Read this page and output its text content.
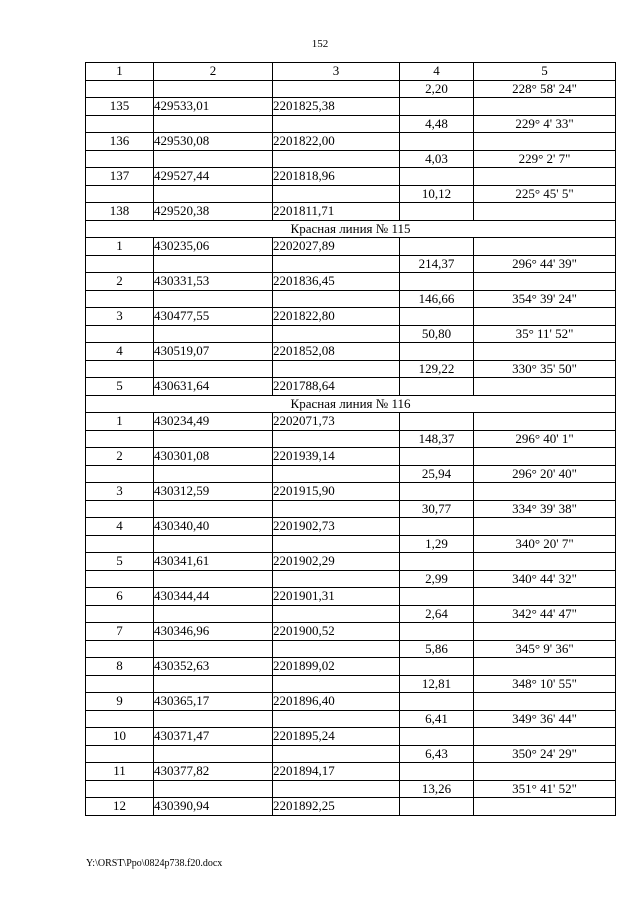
152
1	2	3	4	5
			2,20	228° 58' 24"
135	429533,01	2201825,38		
			4,48	229° 4' 33"
136	429530,08	2201822,00		
			4,03	229° 2' 7"
137	429527,44	2201818,96		
			10,12	225° 45' 5"
138	429520,38	2201811,71		
Красная линия № 115				
1	430235,06	2202027,89		
			214,37	296° 44' 39"
2	430331,53	2201836,45		
			146,66	354° 39' 24"
3	430477,55	2201822,80		
			50,80	35° 11' 52"
4	430519,07	2201852,08		
			129,22	330° 35' 50"
5	430631,64	2201788,64		
Красная линия № 116				
1	430234,49	2202071,73		
			148,37	296° 40' 1"
2	430301,08	2201939,14		
			25,94	296° 20' 40"
3	430312,59	2201915,90		
			30,77	334° 39' 38"
4	430340,40	2201902,73		
			1,29	340° 20' 7"
5	430341,61	2201902,29		
			2,99	340° 44' 32"
6	430344,44	2201901,31		
			2,64	342° 44' 47"
7	430346,96	2201900,52		
			5,86	345° 9' 36"
8	430352,63	2201899,02		
			12,81	348° 10' 55"
9	430365,17	2201896,40		
			6,41	349° 36' 44"
10	430371,47	2201895,24		
			6,43	350° 24' 29"
11	430377,82	2201894,17		
			13,26	351° 41' 52"
12	430390,94	2201892,25		
Y:\ORST\Ppo\0824p738.f20.docx
